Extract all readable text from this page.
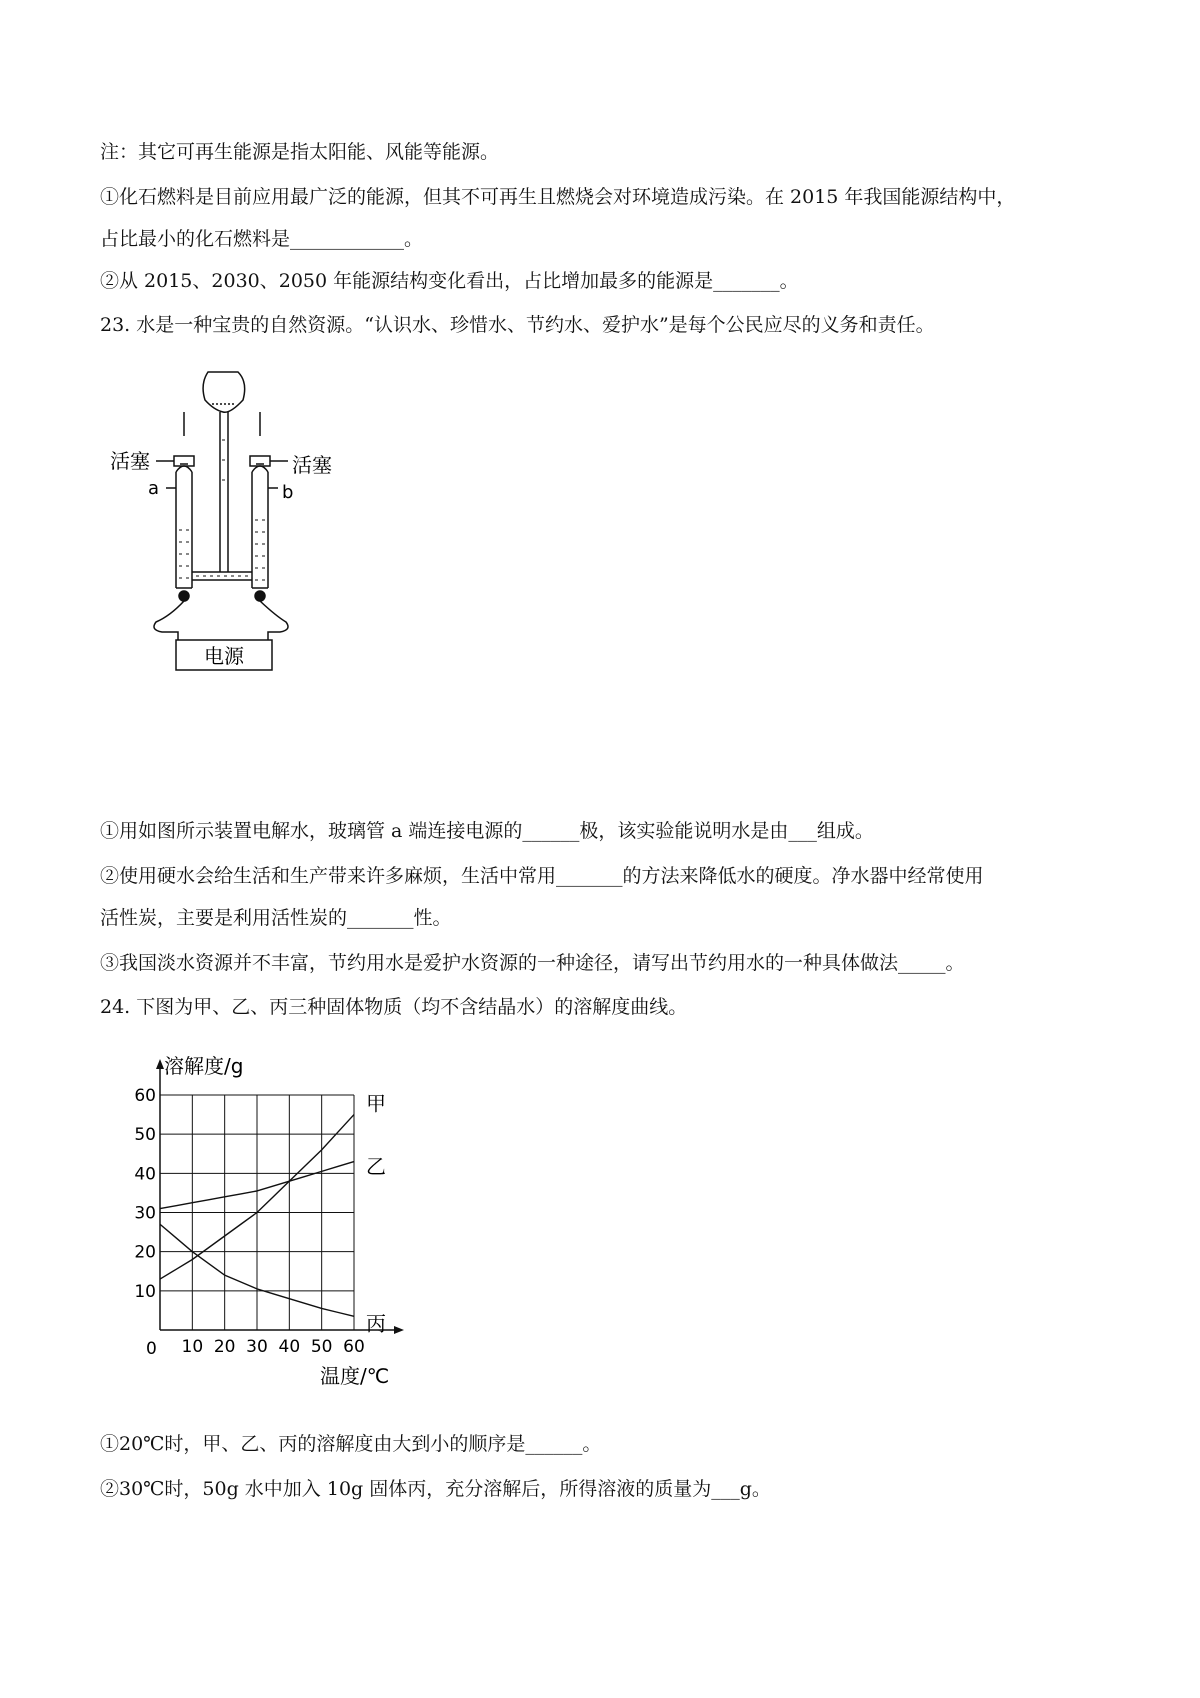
注：其它可再生能源是指太阳能、风能等能源。

①化石燃料是目前应用最广泛的能源，但其不可再生且燃烧会对环境造成污染。在 2015 年我国能源结构中，

占比最小的化石燃料是____________。

②从 2015、2030、2050 年能源结构变化看出，占比增加最多的能源是_______。

23. 水是一种宝贵的自然资源。“认识水、珍惜水、节约水、爱护水”是每个公民应尽的义务和责任。

活塞	活塞
a	b
电源

①用如图所示装置电解水，玻璃管 a 端连接电源的______极，该实验能说明水是由___组成。

②使用硬水会给生活和生产带来许多麻烦，生活中常用_______的方法来降低水的硬度。净水器中经常使用

活性炭，主要是利用活性炭的_______性。

③我国淡水资源并不丰富，节约用水是爱护水资源的一种途径，请写出节约用水的一种具体做法_____。

24. 下图为甲、乙、丙三种固体物质（均不含结晶水）的溶解度曲线。

10 20 30 40 50 60
10
20
30
40
50
60
0
溶解度/g
温度/℃
甲
乙
丙

①20℃时，甲、乙、丙的溶解度由大到小的顺序是______。

②30℃时，50g 水中加入 10g 固体丙，充分溶解后，所得溶液的质量为___g。
